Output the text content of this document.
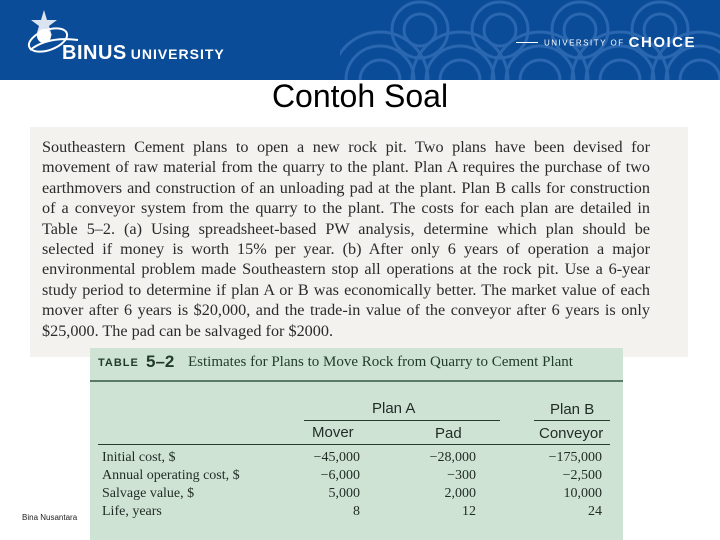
BINUS UNIVERSITY
UNIVERSITY OF CHOICE
Contoh Soal
Southeastern Cement plans to open a new rock pit. Two plans have been devised for movement of raw material from the quarry to the plant. Plan A requires the purchase of two earthmovers and construction of an unloading pad at the plant. Plan B calls for construction of a conveyor system from the quarry to the plant. The costs for each plan are detailed in Table 5–2. (a) Using spreadsheet-based PW analysis, determine which plan should be selected if money is worth 15% per year. (b) After only 6 years of operation a major environmental problem made Southeastern stop all operations at the rock pit. Use a 6-year study period to determine if plan A or B was economically better. The market value of each mover after 6 years is $20,000, and the trade-in value of the conveyor after 6 years is only $25,000. The pad can be salvaged for $2000.
TABLE 5–2 Estimates for Plans to Move Rock from Quarry to Cement Plant
Plan A	Plan B
Mover	Pad	Conveyor
Initial cost, $	−45,000	−28,000	−175,000
Annual operating cost, $	−6,000	−300	−2,500
Salvage value, $	5,000	2,000	10,000
Life, years	8	12	24
Bina Nusantara
